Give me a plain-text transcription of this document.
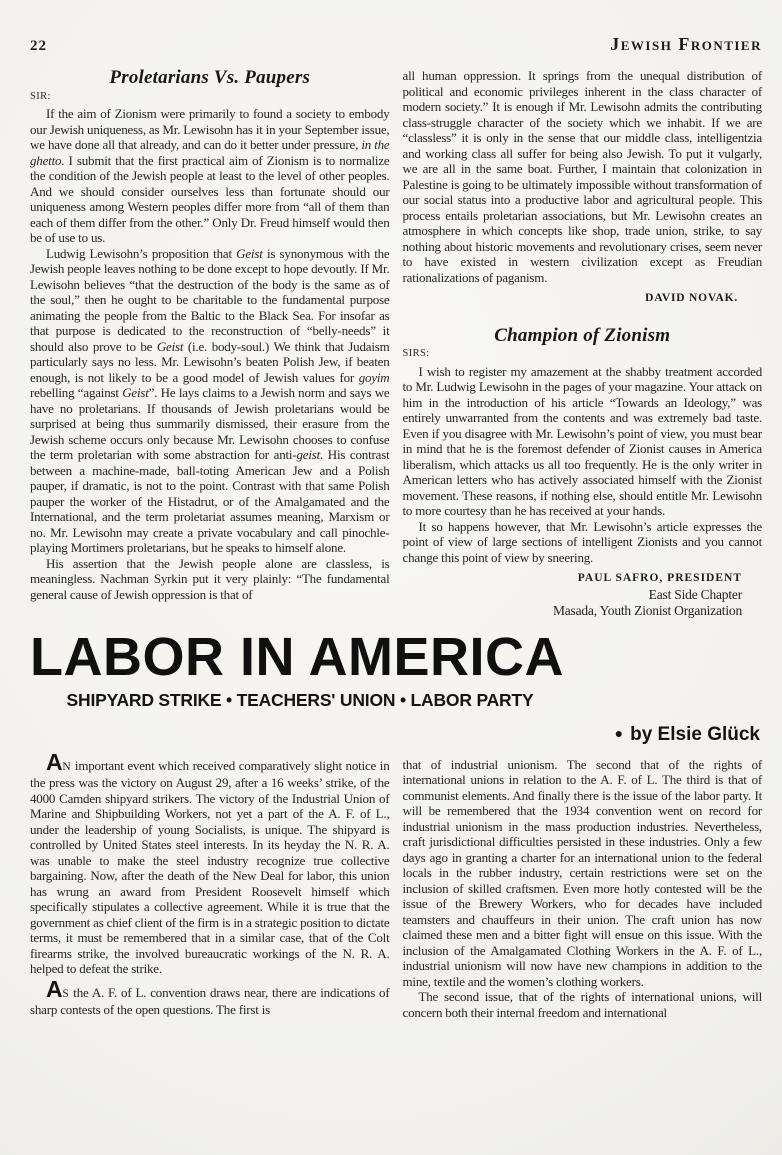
22	Jewish Frontier
Proletarians Vs. Paupers
SIR:

If the aim of Zionism were primarily to found a society to embody our Jewish uniqueness, as Mr. Lewisohn has it in your September issue, we have done all that already, and can do it better under pressure, in the ghetto. I submit that the first practical aim of Zionism is to normalize the condition of the Jewish people at least to the level of other peoples. And we should consider ourselves less than fortunate should our uniqueness among Western peoples differ more from “all of them than each of them differ from the other.” Only Dr. Freud himself would then be of use to us.

Ludwig Lewisohn’s proposition that Geist is synonymous with the Jewish people leaves nothing to be done except to hope devoutly. If Mr. Lewisohn believes “that the destruction of the body is the same as of the soul,” then he ought to be charitable to the fundamental purpose animating the people from the Baltic to the Black Sea. For insofar as that purpose is dedicated to the reconstruction of “belly-needs” it should also prove to be Geist (i.e. body-soul.) We think that Judaism particularly says no less. Mr. Lewisohn’s beaten Polish Jew, if beaten enough, is not likely to be a good model of Jewish values for goyim rebelling “against Geist”. He lays claims to a Jewish norm and says we have no proletarians. If thousands of Jewish proletarians would be surprised at being thus summarily dismissed, their erasure from the Jewish scheme occurs only because Mr. Lewisohn chooses to confuse the term proletarian with some abstraction for anti-geist. His contrast between a machine-made, ball-toting American Jew and a Polish pauper, if dramatic, is not to the point. Contrast with that same Polish pauper the worker of the Histadrut, or of the Amalgamated and the International, and the term proletariat assumes meaning, Marxism or no. Mr. Lewisohn may create a private vocabulary and call pinochle-playing Mortimers proletarians, but he speaks to himself alone.

His assertion that the Jewish people alone are classless, is meaningless. Nachman Syrkin put it very plainly: “The fundamental general cause of Jewish oppression is that of

all human oppression. It springs from the unequal distribution of political and economic privileges inherent in the class character of modern society.” It is enough if Mr. Lewisohn admits the contributing class-struggle character of the society which we inhabit. If we are “classless” it is only in the sense that our middle class, intelligentzia and working class all suffer for being also Jewish. To put it vulgarly, we are all in the same boat. Further, I maintain that colonization in Palestine is going to be ultimately impossible without transformation of our social status into a productive labor and agricultural people. This process entails proletarian associations, but Mr. Lewisohn creates an atmosphere in which concepts like shop, trade union, strike, to say nothing about historic movements and revolutionary crises, seem never to have existed in western civilization except as Freudian rationalizations of paganism.

DAVID NOVAK.
Champion of Zionism
SIRS:

I wish to register my amazement at the shabby treatment accorded to Mr. Ludwig Lewisohn in the pages of your magazine. Your attack on him in the introduction of his article “Towards an Ideology,” was entirely unwarranted from the contents and was extremely bad taste. Even if you disagree with Mr. Lewisohn’s point of view, you must bear in mind that he is the foremost defender of Zionist causes in America liberalism, which attacks us all too frequently. He is the only writer in American letters who has actively associated himself with the Zionist movement. These reasons, if nothing else, should entitle Mr. Lewisohn to more courtesy than he has received at your hands.

It so happens however, that Mr. Lewisohn’s article expresses the point of view of large sections of intelligent Zionists and you cannot change this point of view by sneering.

PAUL SAFRO, PRESIDENT
East Side Chapter
Masada, Youth Zionist Organization
LABOR IN AMERICA
SHIPYARD STRIKE • TEACHERS' UNION • LABOR PARTY
● by Elsie Glück

AN important event which received comparatively slight notice in the press was the victory on August 29, after a 16 weeks’ strike, of the 4000 Camden shipyard strikers. The victory of the Industrial Union of Marine and Shipbuilding Workers, not yet a part of the A. F. of L., under the leadership of young Socialists, is unique. The shipyard is controlled by United States steel interests. In its heyday the N. R. A. was unable to make the steel industry recognize true collective bargaining. Now, after the death of the New Deal for labor, this union has wrung an award from President Roosevelt himself which specifically stipulates a collective agreement. While it is true that the government as chief client of the firm is in a strategic position to dictate terms, it must be remembered that in a similar case, that of the Colt firearms strike, the involved bureaucratic workings of the N. R. A. helped to defeat the strike.

AS the A. F. of L. convention draws near, there are indications of sharp contests of the open questions. The first is

that of industrial unionism. The second that of the rights of international unions in relation to the A. F. of L. The third is that of communist elements. And finally there is the issue of the labor party. It will be remembered that the 1934 convention went on record for industrial unionism in the mass production industries. Nevertheless, craft jurisdictional difficulties persisted in these industries. Only a few days ago in granting a charter for an international union to the federal locals in the rubber industry, certain restrictions were set on the inclusion of skilled craftsmen. Even more hotly contested will be the issue of the Brewery Workers, who for decades have included teamsters and chauffeurs in their union. The craft union has now claimed these men and a bitter fight will ensue on this issue. With the inclusion of the Amalgamated Clothing Workers in the A. F. of L., industrial unionism will now have new champions in addition to the mine, textile and the women’s clothing workers.

The second issue, that of the rights of international unions, will concern both their internal freedom and international
